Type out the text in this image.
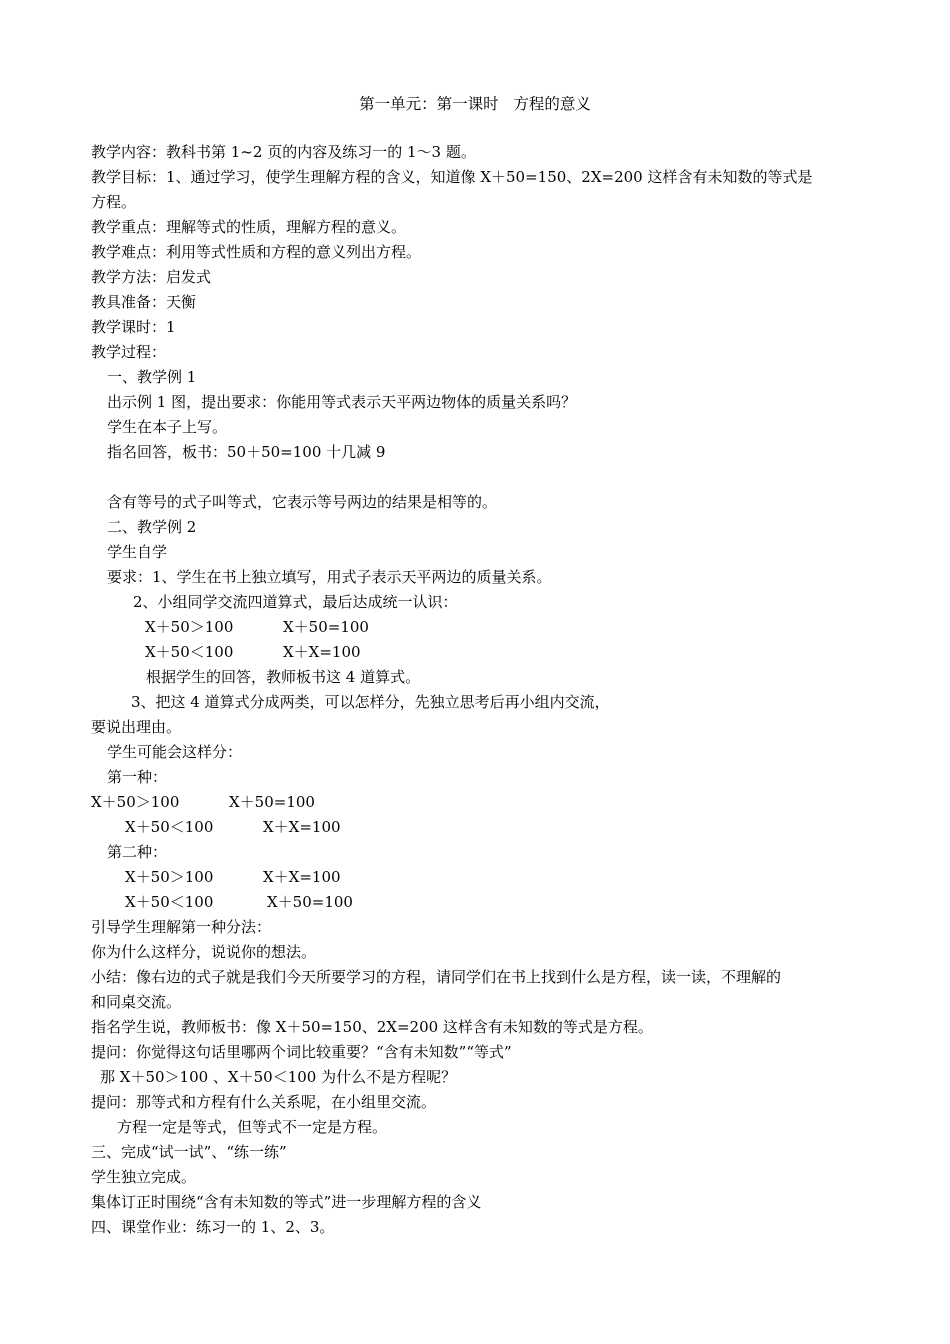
第一单元：第一课时   方程的意义
教学内容：教科书第 1~2 页的内容及练习一的 1～3 题。
教学目标：1、通过学习，使学生理解方程的含义，知道像 X＋50=150、2X=200 这样含有未知数的等式是
方程。
教学重点：理解等式的性质，理解方程的意义。
教学难点：利用等式性质和方程的意义列出方程。
教学方法：启发式
教具准备：天衡
教学课时：1
教学过程：
一、教学例 1
出示例 1 图，提出要求：你能用等式表示天平两边物体的质量关系吗？
学生在本子上写。
指名回答，板书：50＋50=100 十几减 9
含有等号的式子叫等式，它表示等号两边的结果是相等的。
二、教学例 2
学生自学
要求：1、学生在书上独立填写，用式子表示天平两边的质量关系。
2、小组同学交流四道算式，最后达成统一认识：
X＋50＞100	X＋50=100
X＋50＜100	X＋X=100
根据学生的回答，教师板书这 4 道算式。
3、把这 4 道算式分成两类，可以怎样分，先独立思考后再小组内交流，
要说出理由。
学生可能会这样分：
第一种：
X＋50＞100	X＋50=100
X＋50＜100	X＋X=100
第二种：
X＋50＞100	X＋X=100
X＋50＜100	X＋50=100
引导学生理解第一种分法：
你为什么这样分，说说你的想法。
小结：像右边的式子就是我们今天所要学习的方程，请同学们在书上找到什么是方程，读一读，不理解的
和同桌交流。
指名学生说，教师板书：像 X＋50=150、2X=200 这样含有未知数的等式是方程。
提问：你觉得这句话里哪两个词比较重要？“含有未知数”“等式”
那 X＋50＞100 、X＋50＜100 为什么不是方程呢？
提问：那等式和方程有什么关系呢，在小组里交流。
方程一定是等式，但等式不一定是方程。
三、完成“试一试”、“练一练”
学生独立完成。
集体订正时围绕“含有未知数的等式”进一步理解方程的含义
四、课堂作业：练习一的 1、2、3。
